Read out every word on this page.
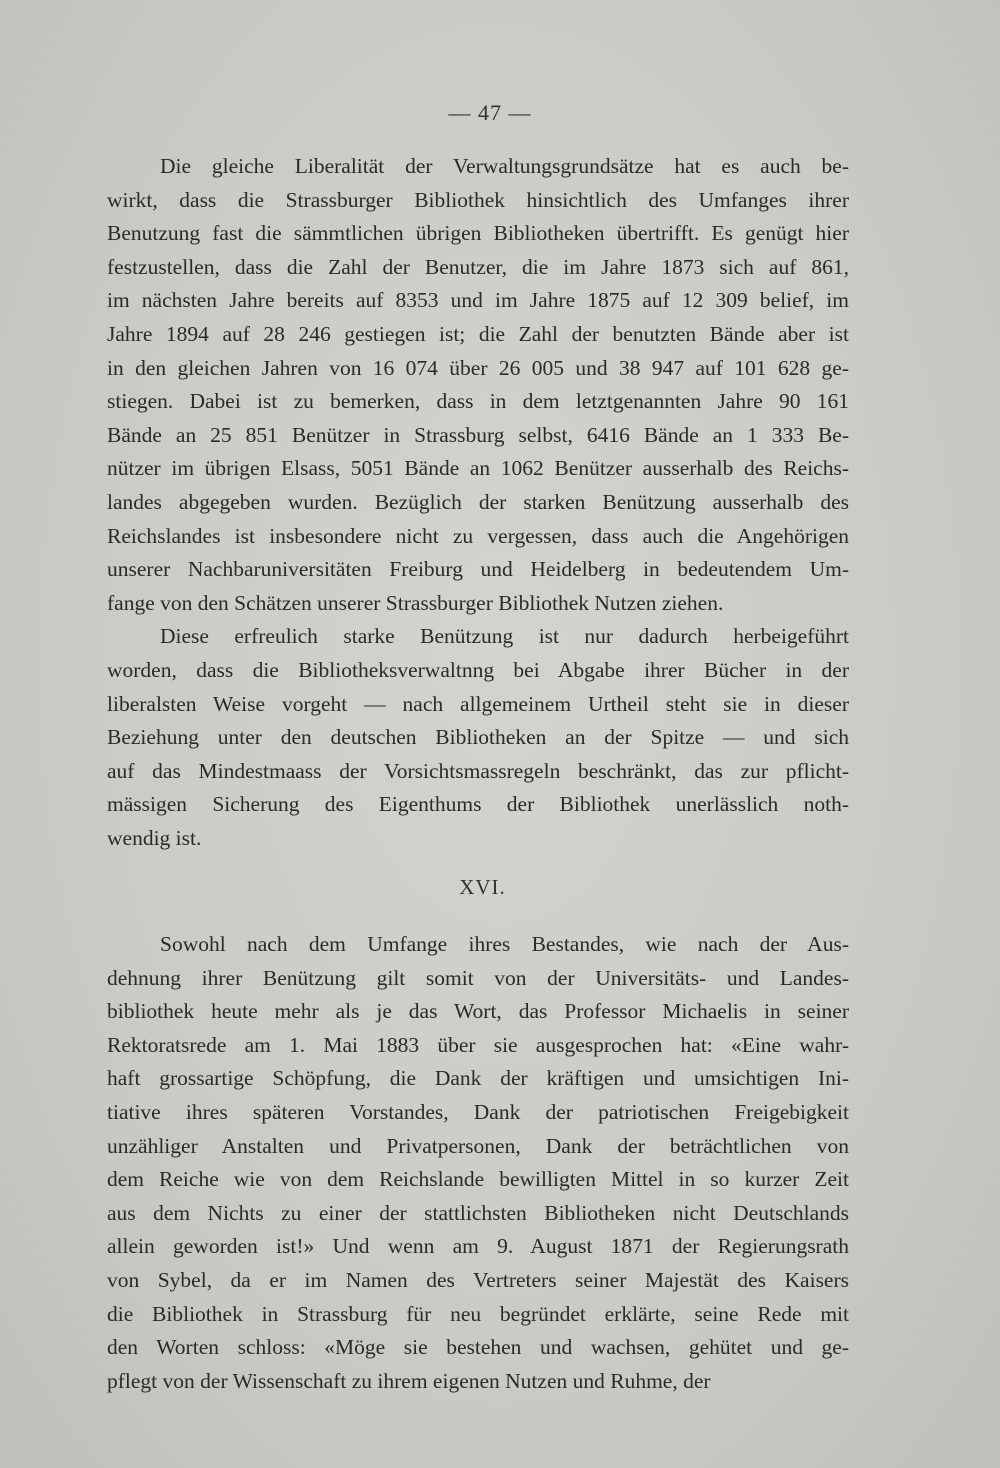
— 47 —
Die gleiche Liberalität der Verwaltungsgrundsätze hat es auch be-
wirkt, dass die Strassburger Bibliothek hinsichtlich des Umfanges ihrer
Benutzung fast die sämmtlichen übrigen Bibliotheken übertrifft. Es genügt hier
festzustellen, dass die Zahl der Benutzer, die im Jahre 1873 sich auf 861,
im nächsten Jahre bereits auf 8353 und im Jahre 1875 auf 12 309 belief, im
Jahre 1894 auf 28 246 gestiegen ist; die Zahl der benutzten Bände aber ist
in den gleichen Jahren von 16 074 über 26 005 und 38 947 auf 101 628 ge-
stiegen. Dabei ist zu bemerken, dass in dem letztgenannten Jahre 90 161
Bände an 25 851 Benützer in Strassburg selbst, 6416 Bände an 1 333 Be-
nützer im übrigen Elsass, 5051 Bände an 1062 Benützer ausserhalb des Reichs-
landes abgegeben wurden. Bezüglich der starken Benützung ausserhalb des
Reichslandes ist insbesondere nicht zu vergessen, dass auch die Angehörigen
unserer Nachbaruniversitäten Freiburg und Heidelberg in bedeutendem Um-
fange von den Schätzen unserer Strassburger Bibliothek Nutzen ziehen.
Diese erfreulich starke Benützung ist nur dadurch herbeigeführt
worden, dass die Bibliotheksverwaltnng bei Abgabe ihrer Bücher in der
liberalsten Weise vorgeht — nach allgemeinem Urtheil steht sie in dieser
Beziehung unter den deutschen Bibliotheken an der Spitze — und sich
auf das Mindestmaass der Vorsichtsmassregeln beschränkt, das zur pflicht-
mässigen Sicherung des Eigenthums der Bibliothek unerlässlich noth-
wendig ist.
XVI.
Sowohl nach dem Umfange ihres Bestandes, wie nach der Aus-
dehnung ihrer Benützung gilt somit von der Universitäts- und Landes-
bibliothek heute mehr als je das Wort, das Professor Michaelis in seiner
Rektoratsrede am 1. Mai 1883 über sie ausgesprochen hat: «Eine wahr-
haft grossartige Schöpfung, die Dank der kräftigen und umsichtigen Ini-
tiative ihres späteren Vorstandes, Dank der patriotischen Freigebigkeit
unzähliger Anstalten und Privatpersonen, Dank der beträchtlichen von
dem Reiche wie von dem Reichslande bewilligten Mittel in so kurzer Zeit
aus dem Nichts zu einer der stattlichsten Bibliotheken nicht Deutschlands
allein geworden ist!» Und wenn am 9. August 1871 der Regierungsrath
von Sybel, da er im Namen des Vertreters seiner Majestät des Kaisers
die Bibliothek in Strassburg für neu begründet erklärte, seine Rede mit
den Worten schloss: «Möge sie bestehen und wachsen, gehütet und ge-
pflegt von der Wissenschaft zu ihrem eigenen Nutzen und Ruhme, der
